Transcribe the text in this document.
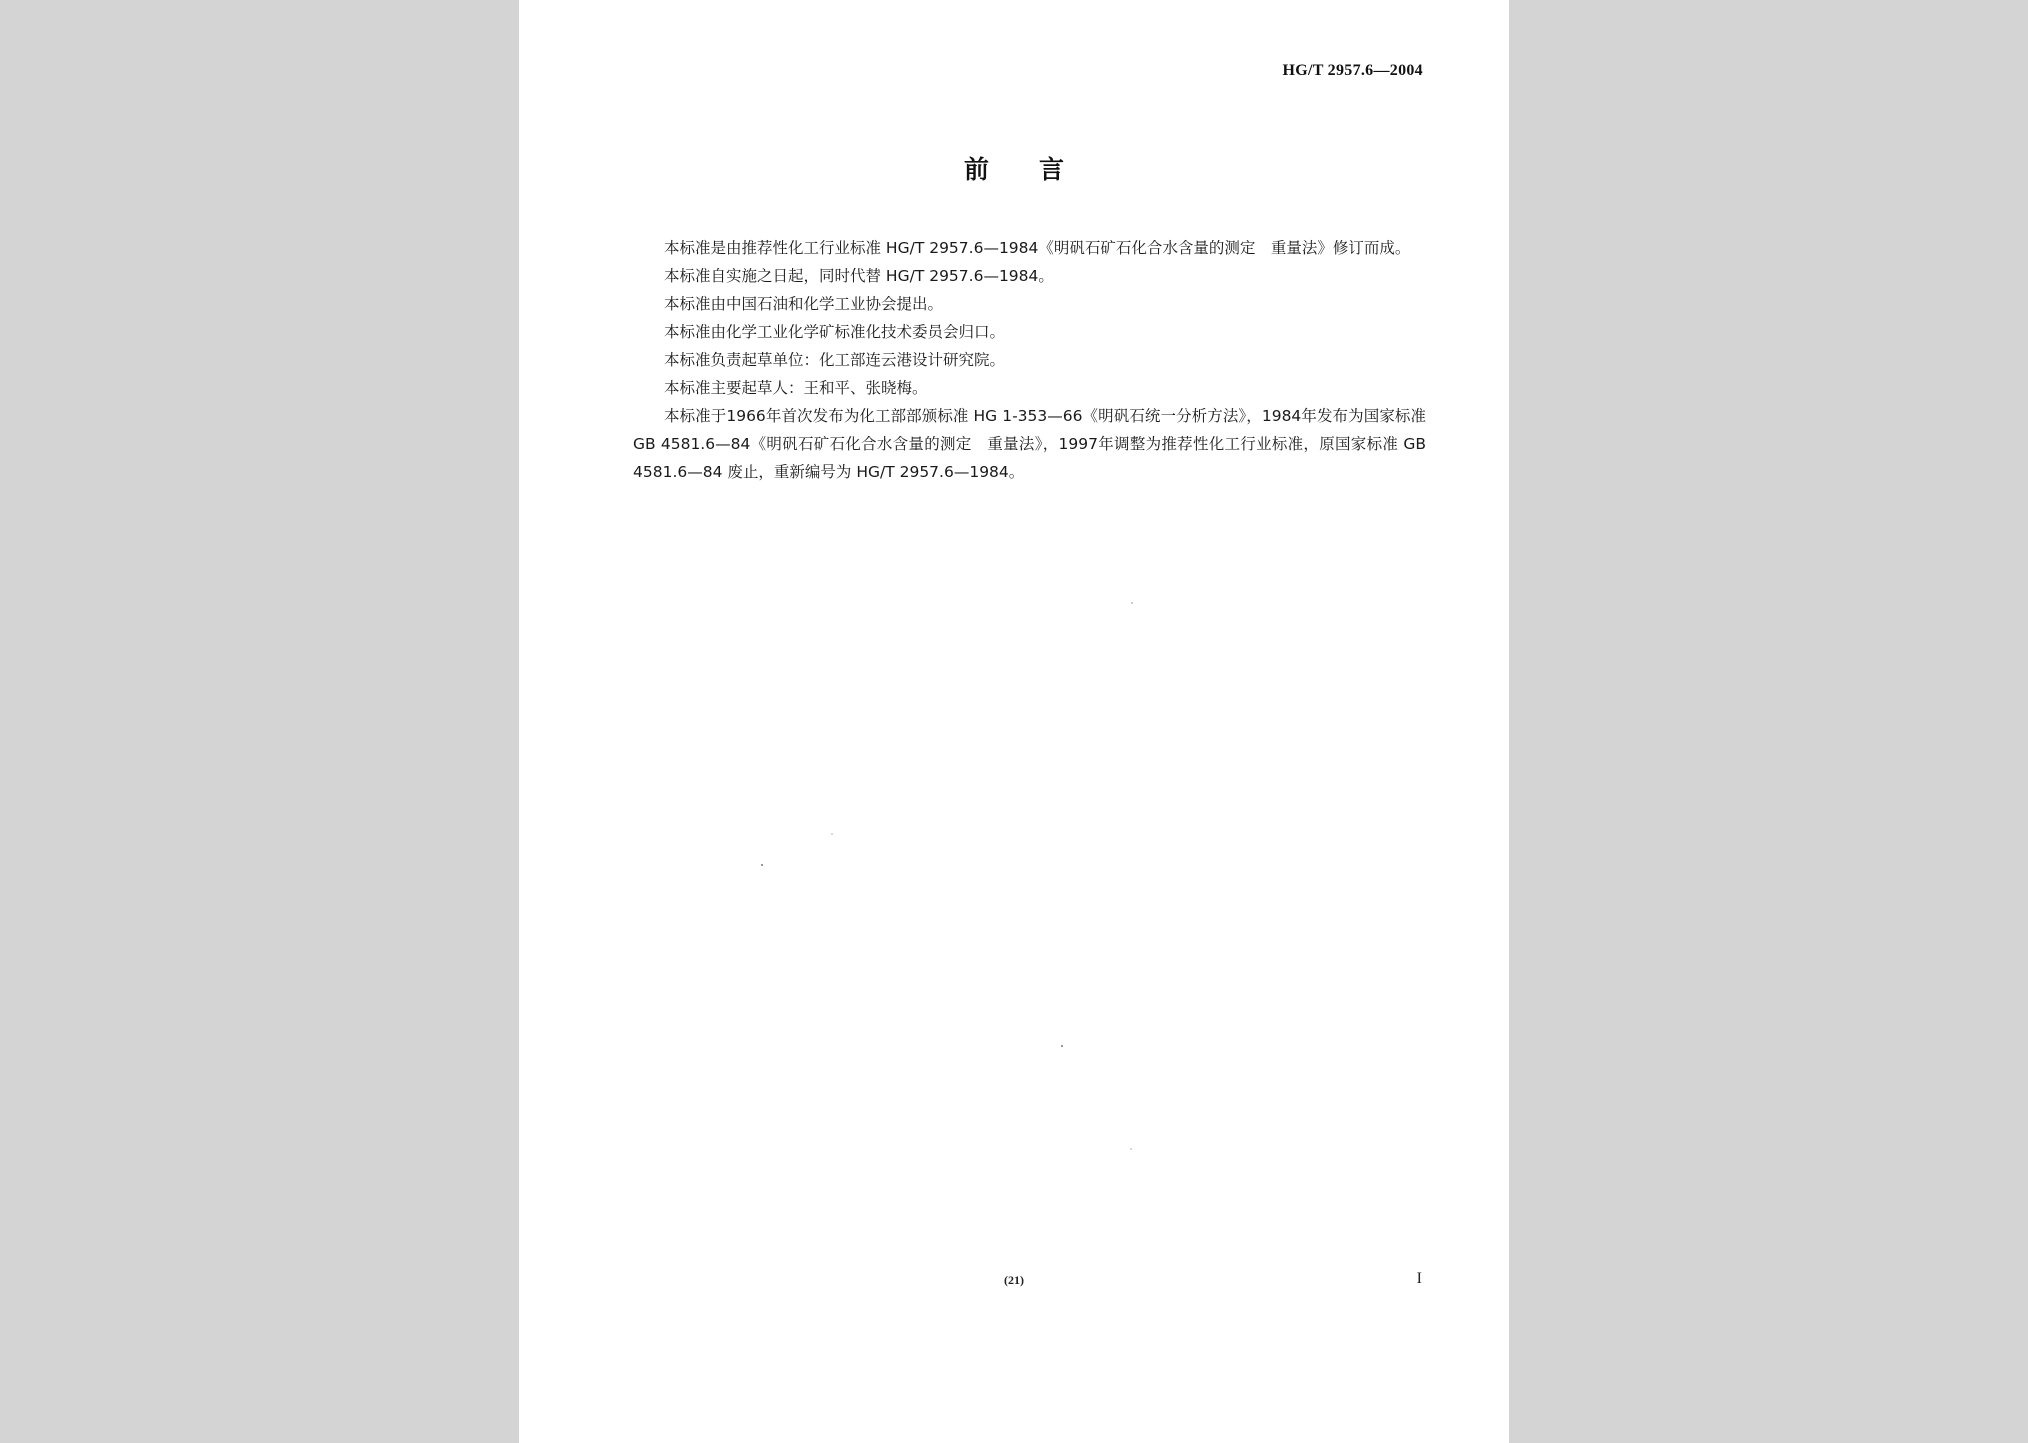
HG/T 2957.6—2004
前言

本标准是由推荐性化工行业标准 HG/T 2957.6—1984《明矾石矿石化合水含量的测定　重量法》修订而成。

本标准自实施之日起，同时代替 HG/T 2957.6—1984。

本标准由中国石油和化学工业协会提出。

本标准由化学工业化学矿标准化技术委员会归口。

本标准负责起草单位：化工部连云港设计研究院。

本标准主要起草人：王和平、张晓梅。

本标准于1966年首次发布为化工部部颁标准 HG 1-353—66《明矾石统一分析方法》，1984年发布为国家标准 GB 4581.6—84《明矾石矿石化合水含量的测定　重量法》，1997年调整为推荐性化工行业标准，原国家标准 GB 4581.6—84 废止，重新编号为 HG/T 2957.6—1984。

(21)	I
